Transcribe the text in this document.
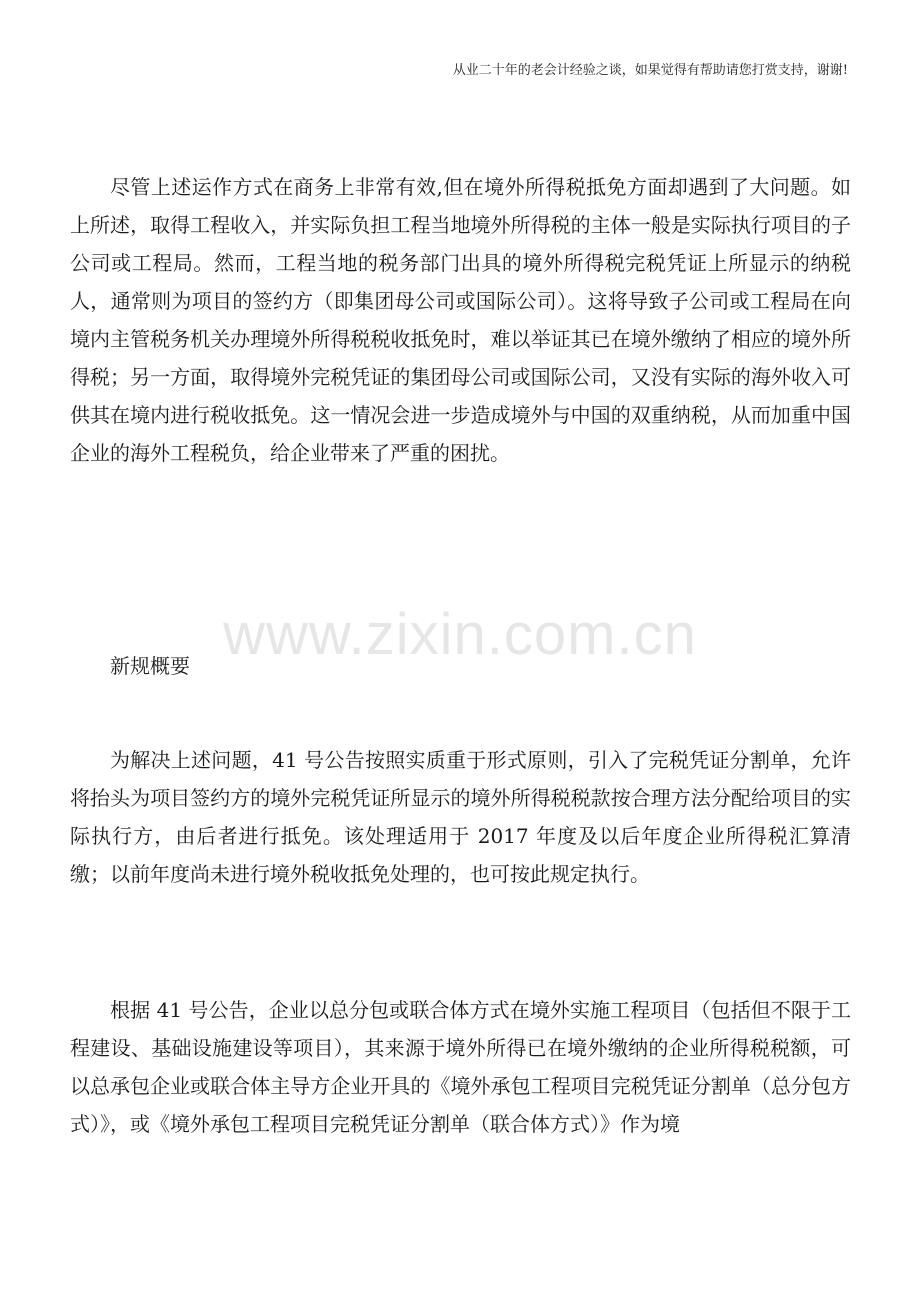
从业二十年的老会计经验之谈，如果觉得有帮助请您打赏支持，谢谢!
www.zixin.com.cn
尽管上述运作方式在商务上非常有效,但在境外所得税抵免方面却遇到了大问题。如上所述，取得工程收入，并实际负担工程当地境外所得税的主体一般是实际执行项目的子公司或工程局。然而，工程当地的税务部门出具的境外所得税完税凭证上所显示的纳税人，通常则为项目的签约方（即集团母公司或国际公司）。这将导致子公司或工程局在向境内主管税务机关办理境外所得税税收抵免时，难以举证其已在境外缴纳了相应的境外所得税；另一方面，取得境外完税凭证的集团母公司或国际公司，又没有实际的海外收入可供其在境内进行税收抵免。这一情况会进一步造成境外与中国的双重纳税，从而加重中国企业的海外工程税负，给企业带来了严重的困扰。
新规概要
为解决上述问题，41 号公告按照实质重于形式原则，引入了完税凭证分割单，允许将抬头为项目签约方的境外完税凭证所显示的境外所得税税款按合理方法分配给项目的实际执行方，由后者进行抵免。该处理适用于 2017 年度及以后年度企业所得税汇算清缴；以前年度尚未进行境外税收抵免处理的，也可按此规定执行。
根据 41 号公告，企业以总分包或联合体方式在境外实施工程项目（包括但不限于工程建设、基础设施建设等项目），其来源于境外所得已在境外缴纳的企业所得税税额，可以总承包企业或联合体主导方企业开具的《境外承包工程项目完税凭证分割单（总分包方式）》，或《境外承包工程项目完税凭证分割单（联合体方式）》作为境
